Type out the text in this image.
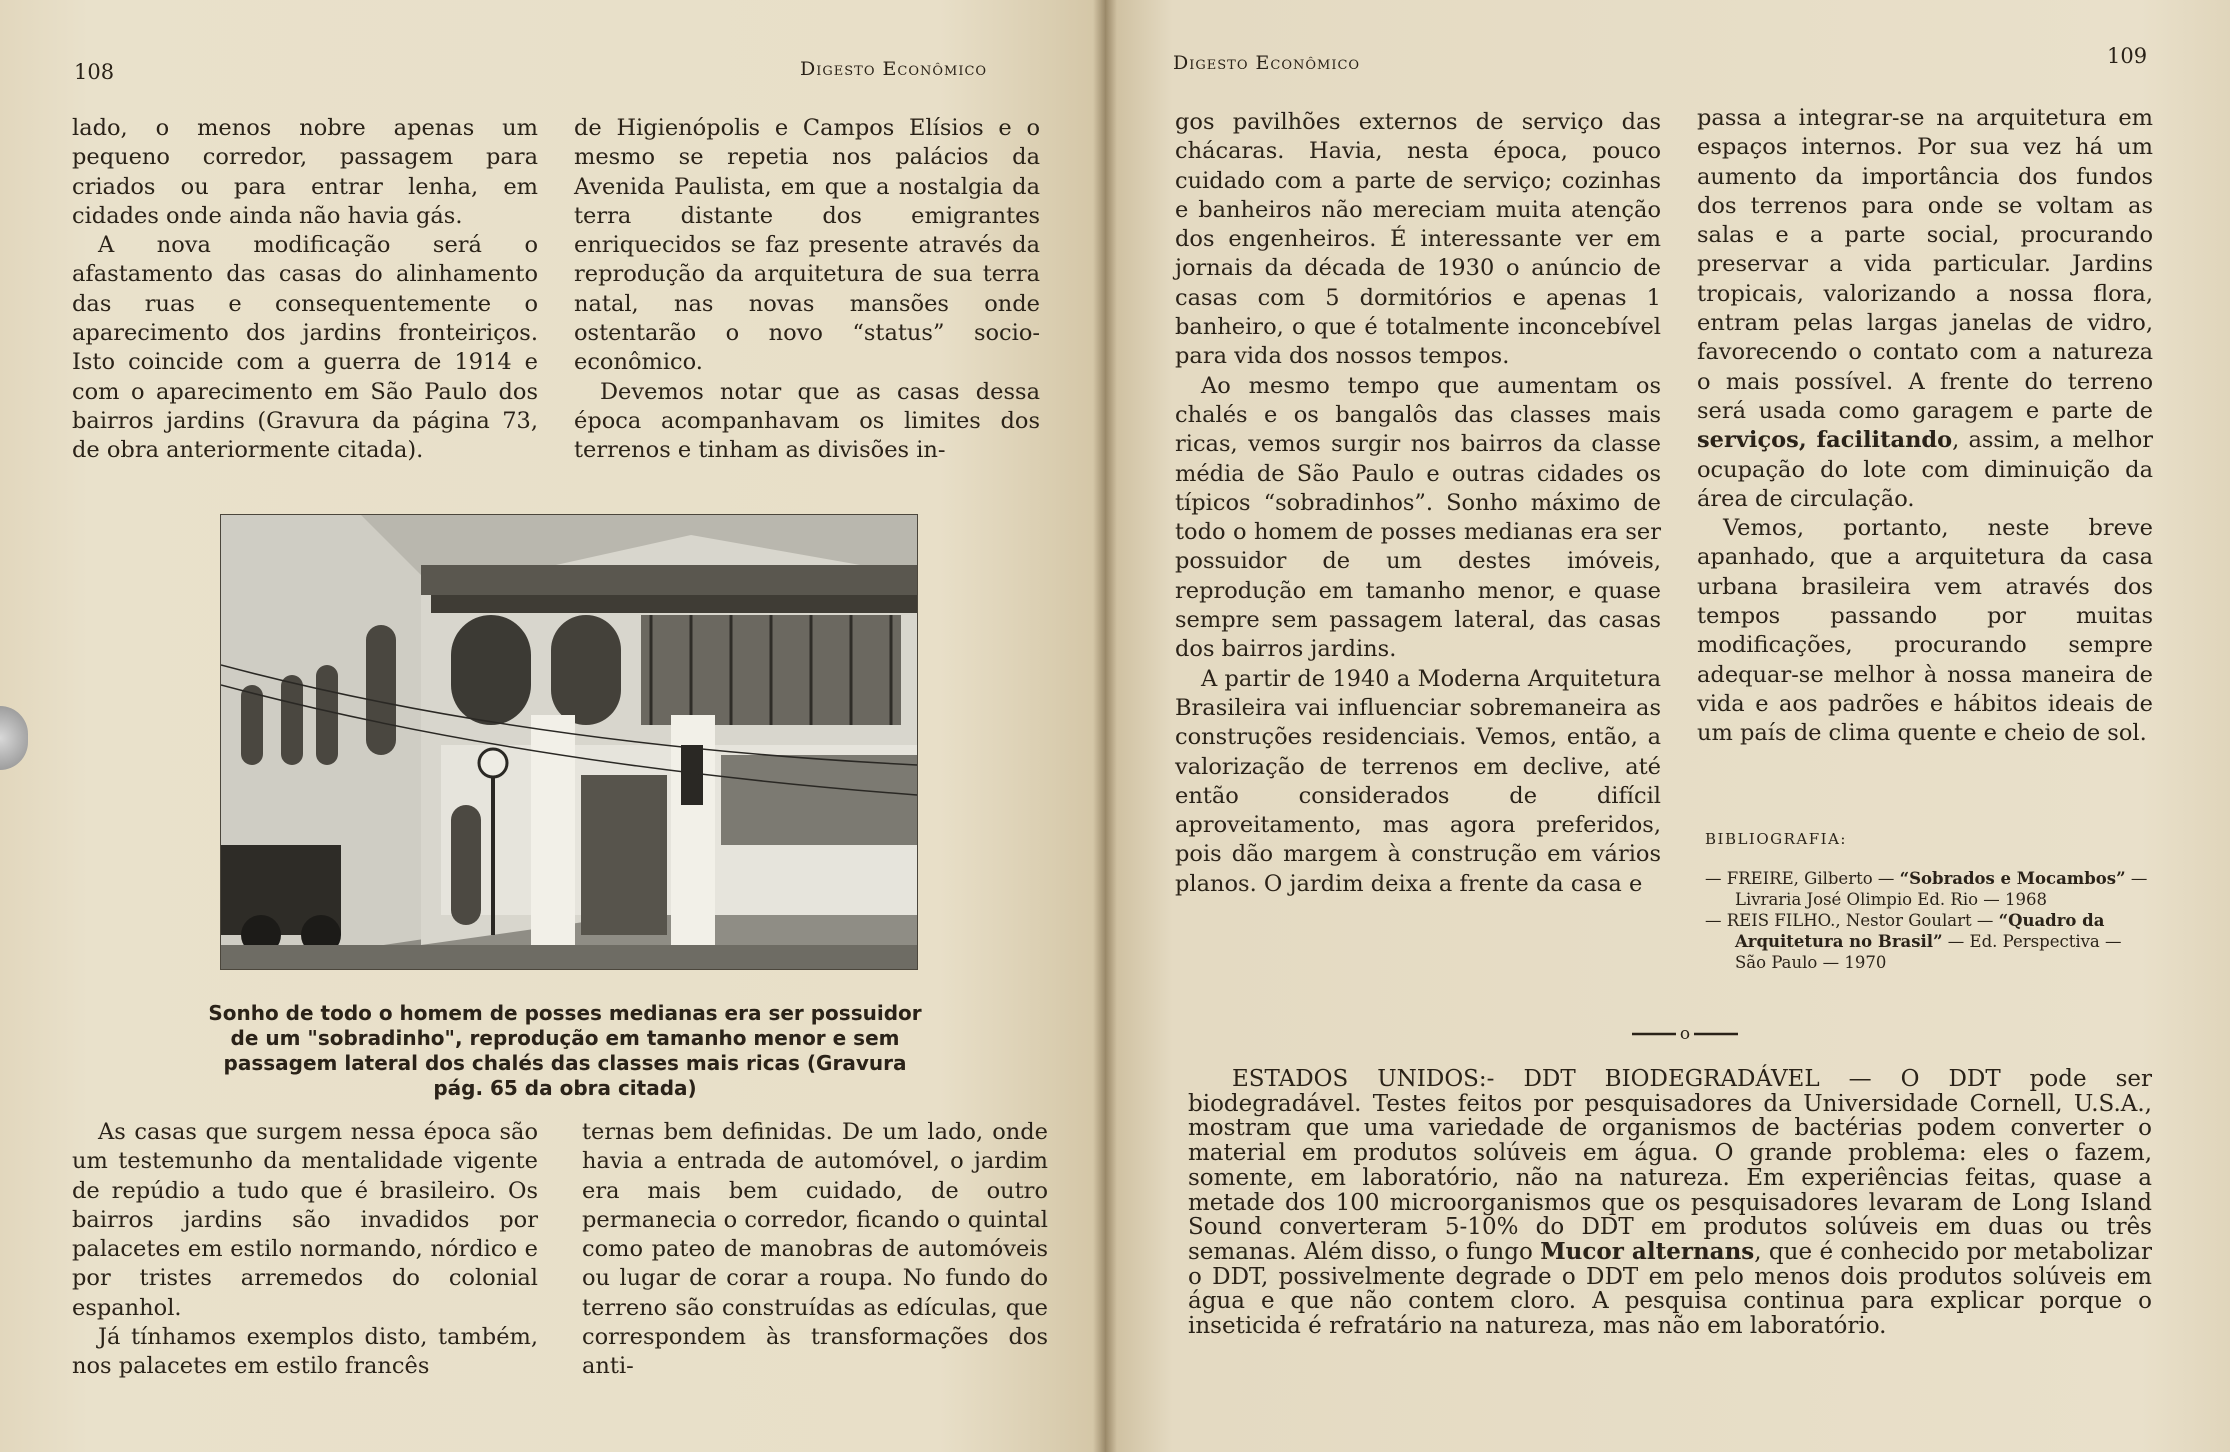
108	Digesto Econômico

lado, o menos nobre apenas um pequeno corredor, passagem para criados ou para entrar lenha, em cidades onde ainda não havia gás.

A nova modificação será o afastamento das casas do alinhamento das ruas e consequentemente o aparecimento dos jardins fronteiriços. Isto coincide com a guerra de 1914 e com o aparecimento em São Paulo dos bairros jardins (Gravura da página 73, de obra anteriormente citada).

de Higienópolis e Campos Elísios e o mesmo se repetia nos palácios da Avenida Paulista, em que a nostalgia da terra distante dos emigrantes enriquecidos se faz presente através da reprodução da arquitetura de sua terra natal, nas novas mansões onde ostentarão o novo “status” socio-econômico.

Devemos notar que as casas dessa época acompanhavam os limites dos terrenos e tinham as divisões in-

Sonho de todo o homem de posses medianas era ser possuidor de um "sobradinho", reprodução em tamanho menor e sem passagem lateral dos chalés das classes mais ricas (Gravura pág. 65 da obra citada)

As casas que surgem nessa época são um testemunho da mentalidade vigente de repúdio a tudo que é brasileiro. Os bairros jardins são invadidos por palacetes em estilo normando, nórdico e por tristes arremedos do colonial espanhol.

Já tínhamos exemplos disto, também, nos palacetes em estilo francês

ternas bem definidas. De um lado, onde havia a entrada de automóvel, o jardim era mais bem cuidado, de outro permanecia o corredor, ficando o quintal como pateo de manobras de automóveis ou lugar de corar a roupa. No fundo do terreno são construídas as edículas, que correspondem às transformações dos anti-

Digesto Econômico	109

gos pavilhões externos de serviço das chácaras. Havia, nesta época, pouco cuidado com a parte de serviço; cozinhas e banheiros não mereciam muita atenção dos engenheiros. É interessante ver em jornais da década de 1930 o anúncio de casas com 5 dormitórios e apenas 1 banheiro, o que é totalmente inconcebível para vida dos nossos tempos.

Ao mesmo tempo que aumentam os chalés e os bangalôs das classes mais ricas, vemos surgir nos bairros da classe média de São Paulo e outras cidades os típicos “sobradinhos”. Sonho máximo de todo o homem de posses medianas era ser possuidor de um destes imóveis, reprodução em tamanho menor, e quase sempre sem passagem lateral, das casas dos bairros jardins.

A partir de 1940 a Moderna Arquitetura Brasileira vai influenciar sobremaneira as construções residenciais. Vemos, então, a valorização de terrenos em declive, até então considerados de difícil aproveitamento, mas agora preferidos, pois dão margem à construção em vários planos. O jardim deixa a frente da casa e

passa a integrar-se na arquitetura em espaços internos. Por sua vez há um aumento da importância dos fundos dos terrenos para onde se voltam as salas e a parte social, procurando preservar a vida particular. Jardins tropicais, valorizando a nossa flora, entram pelas largas janelas de vidro, favorecendo o contato com a natureza o mais possível. A frente do terreno será usada como garagem e parte de serviços, facilitando, assim, a melhor ocupação do lote com diminuição da área de circulação.

Vemos, portanto, neste breve apanhado, que a arquitetura da casa urbana brasileira vem através dos tempos passando por muitas modificações, procurando sempre adequar-se melhor à nossa maneira de vida e aos padrões e hábitos ideais de um país de clima quente e cheio de sol.

BIBLIOGRAFIA:
— FREIRE, Gilberto — “Sobrados e Mocambos” — Livraria José Olimpio Ed. Rio — 1968
— REIS FILHO., Nestor Goulart — “Quadro da Arquitetura no Brasil” — Ed. Perspectiva — São Paulo — 1970

ESTADOS UNIDOS:- DDT BIODEGRADÁVEL — O DDT pode ser biodegradável. Testes feitos por pesquisadores da Universidade Cornell, U.S.A., mostram que uma variedade de organismos de bactérias podem converter o material em produtos solúveis em água. O grande problema: eles o fazem, somente, em laboratório, não na natureza. Em experiências feitas, quase a metade dos 100 microorganismos que os pesquisadores levaram de Long Island Sound converteram 5-10% do DDT em produtos solúveis em duas ou três semanas. Além disso, o fungo Mucor alternans, que é conhecido por metabolizar o DDT, possivelmente degrade o DDT em pelo menos dois produtos solúveis em água e que não contem cloro. A pesquisa continua para explicar porque o inseticida é refratário na natureza, mas não em laboratório.

o
